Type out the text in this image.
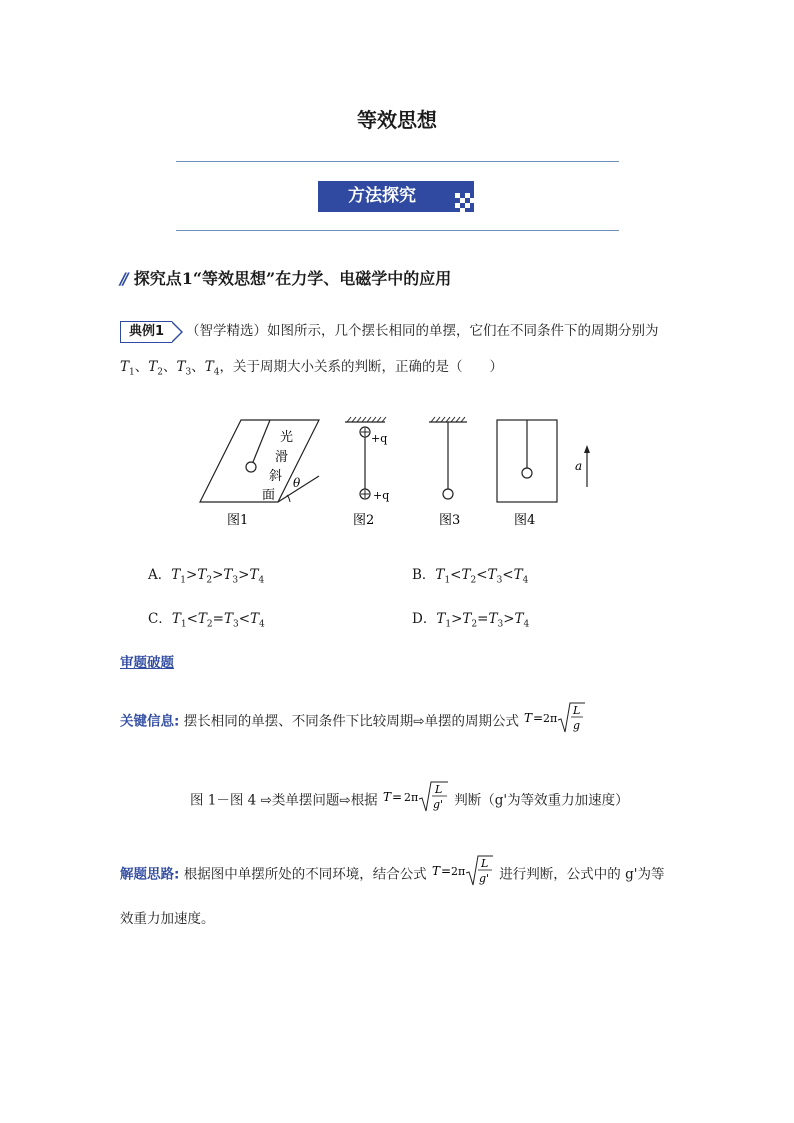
等效思想
方法探究
// 探究点1“等效思想”在力学、电磁学中的应用
典例1 （智学精选）如图所示，几个摆长相同的单摆，它们在不同条件下的周期分别为
$T_1$、$T_2$、$T_3$、$T_4$，关于周期大小关系的判断，正确的是（　　）
光
滑
斜
面
θ
图1
+q
+q
图2	图3	图4
a
A．$T_1>T_2>T_3>T_4$	B．$T_1<T_2<T_3<T_4$
C．$T_1<T_2=T_3<T_4$	D．$T_1>T_2=T_3>T_4$
审题破题
关键信息: 摆长相同的单摆、不同条件下比较周期⇨单摆的周期公式 T = 2π
L
g
图 1－图 4 ⇨类单摆问题⇨根据 T = 2π
L
g' 判断（g'为等效重力加速度）
解题思路: 根据图中单摆所处的不同环境，结合公式 T = 2π
L
g' 进行判断，公式中的 g'为等
效重力加速度。
